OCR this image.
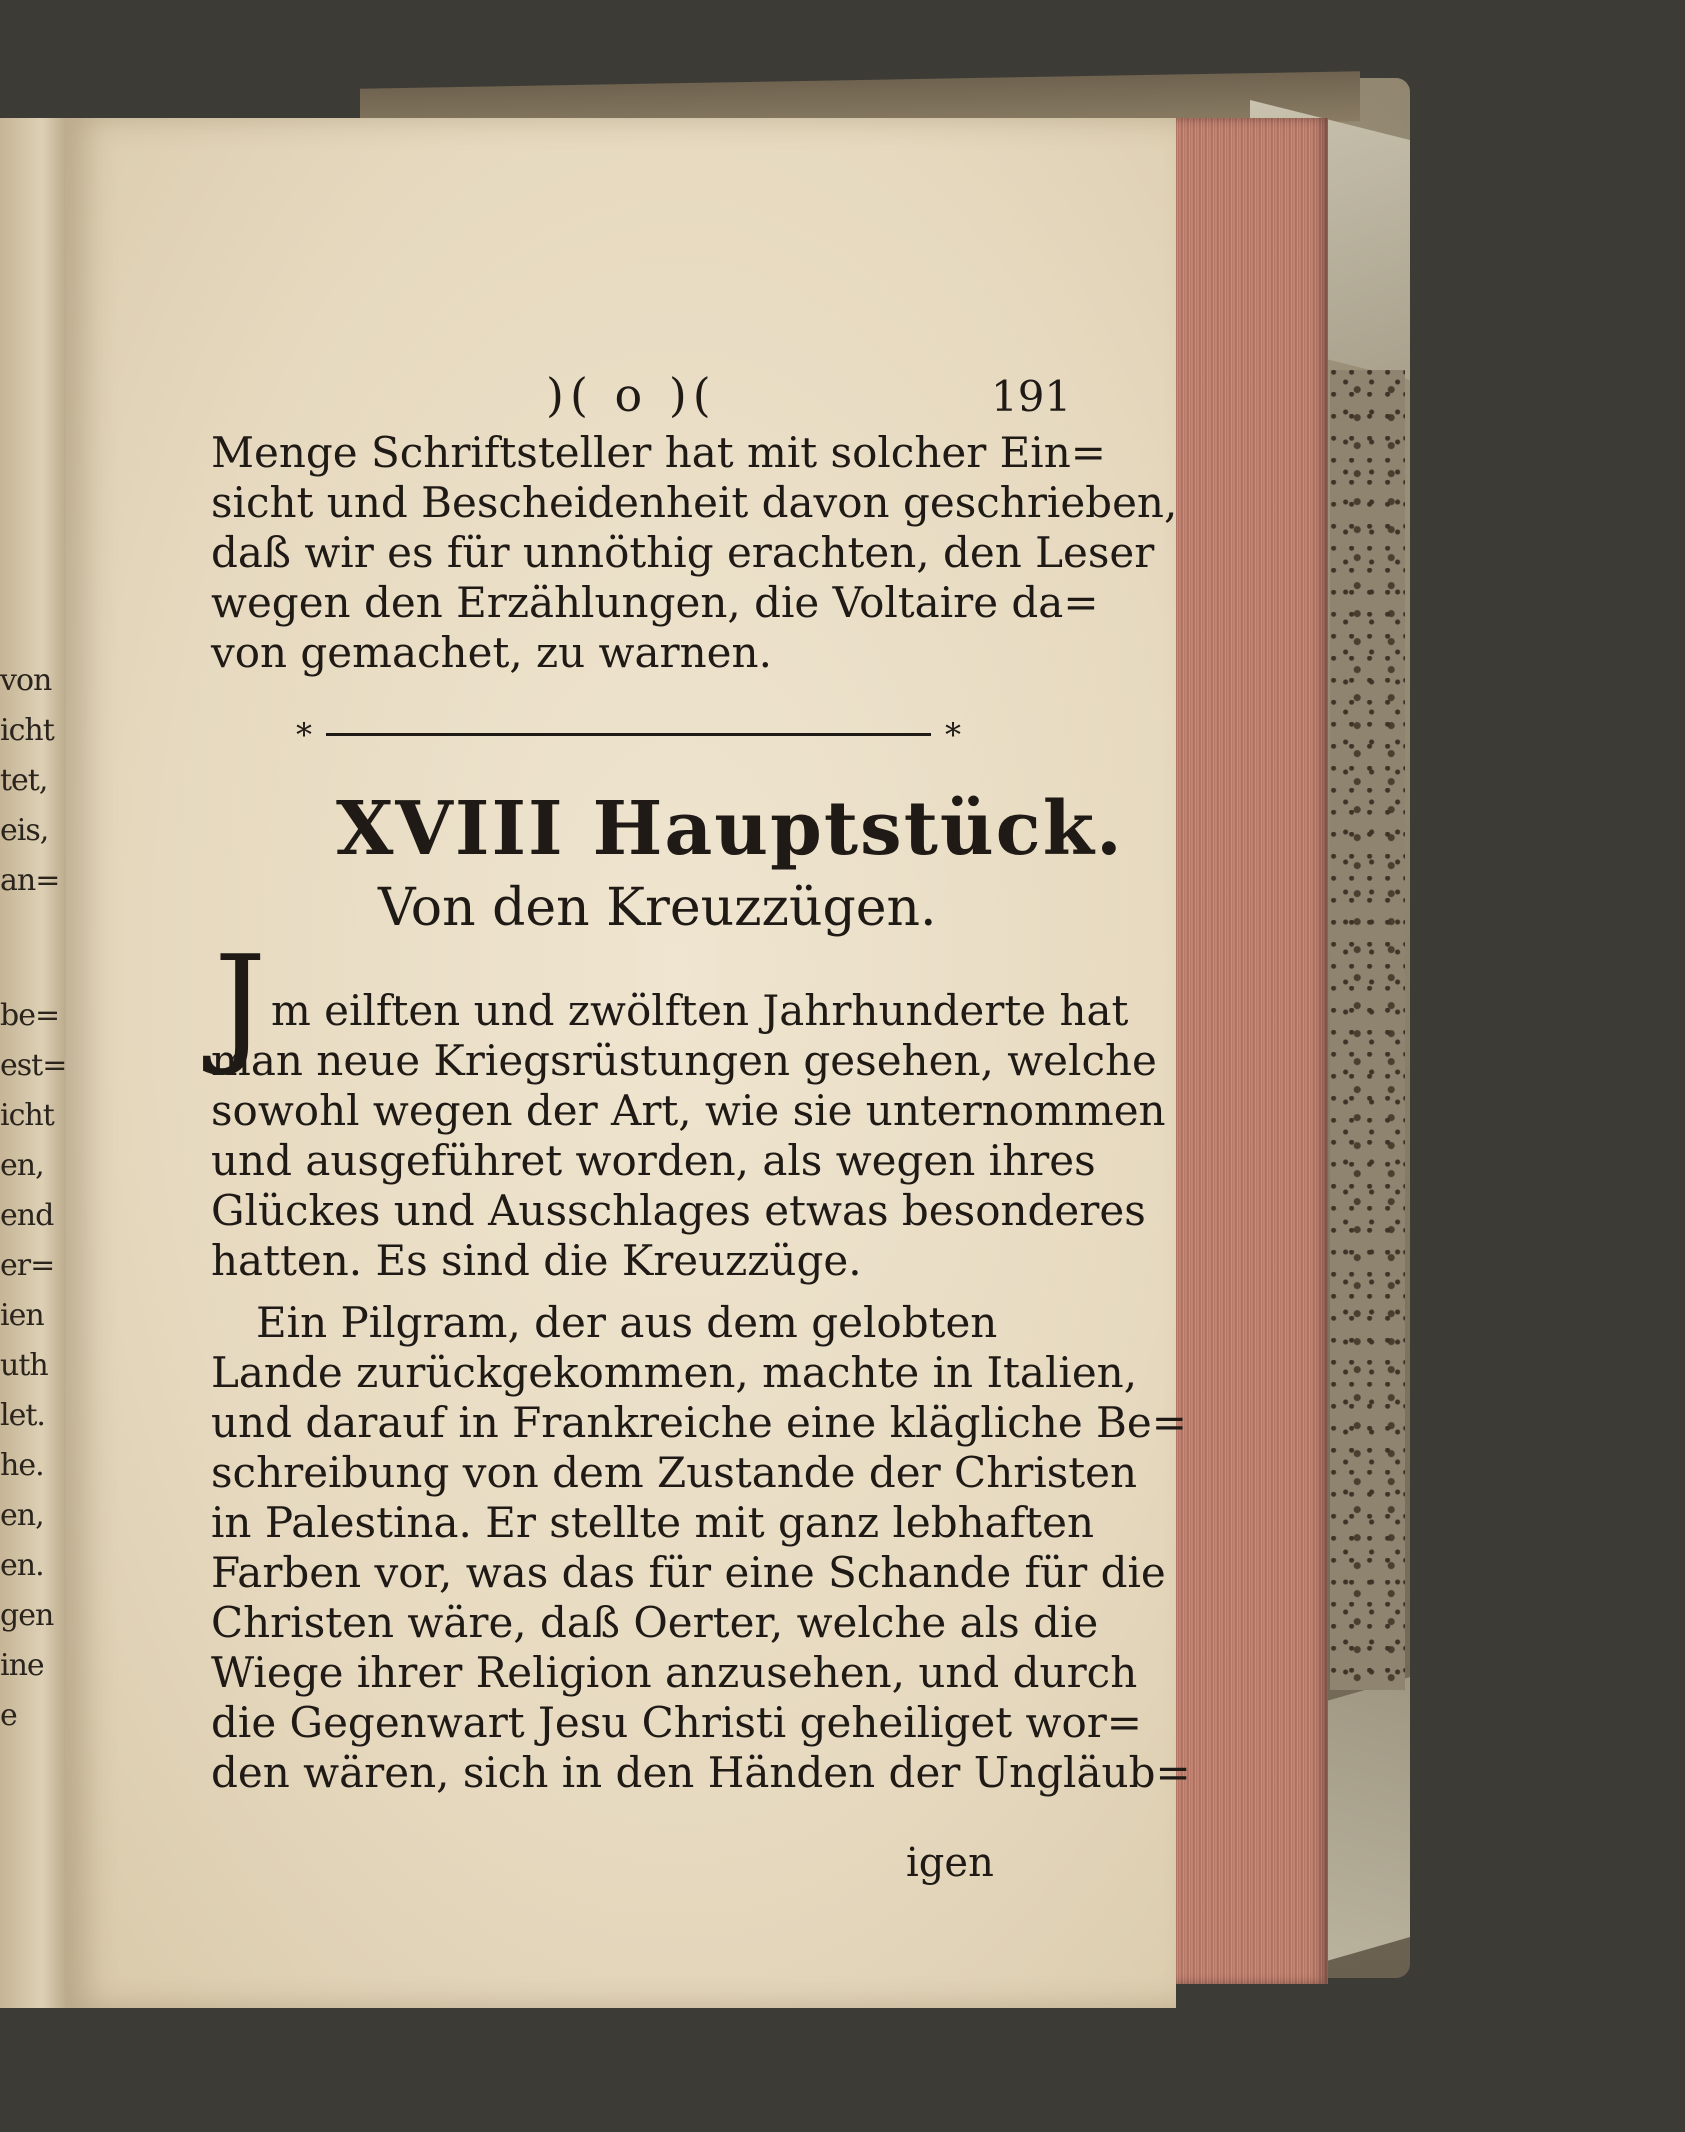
von
icht
tet,
eis,
an=
be=
est=
icht
en,
end
er=
ien
uth
let.
he.
en,
en.
gen
ine
e
)( o )(	191
Menge Schriftsteller hat mit solcher Ein=
sicht und Bescheidenheit davon geschrieben,
daß wir es für unnöthig erachten, den Leser
wegen den Erzählungen, die Voltaire da=
von gemachet, zu warnen.
*	*
XVIII Hauptstück.
Von den Kreuzzügen.
J m eilften und zwölften Jahrhunderte hat
man neue Kriegsrüstungen gesehen, welche
sowohl wegen der Art, wie sie unternommen
und ausgeführet worden, als wegen ihres
Glückes und Ausschlages etwas besonderes
hatten. Es sind die Kreuzzüge.
Ein Pilgram, der aus dem gelobten
Lande zurückgekommen, machte in Italien,
und darauf in Frankreiche eine klägliche Be=
schreibung von dem Zustande der Christen
in Palestina. Er stellte mit ganz lebhaften
Farben vor, was das für eine Schande für die
Christen wäre, daß Oerter, welche als die
Wiege ihrer Religion anzusehen, und durch
die Gegenwart Jesu Christi geheiliget wor=
den wären, sich in den Händen der Ungläub=
igen
